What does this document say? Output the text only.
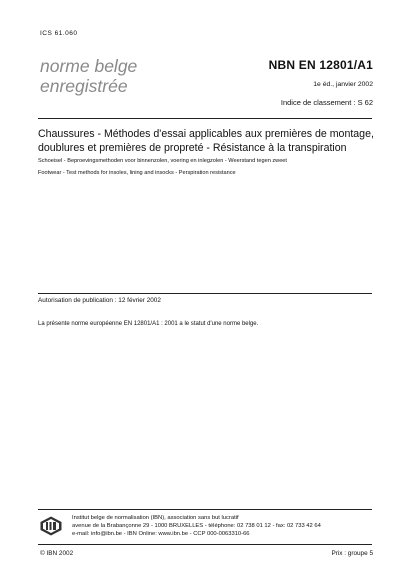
ICS 61.060
norme belge
enregistrée
NBN EN 12801/A1
1e éd., janvier 2002
Indice de classement : S 62
Chaussures - Méthodes d'essai applicables aux premières de montage,
doublures et premières de propreté - Résistance à la transpiration
Schoeisel - Beproevingsmethoden voor binnenzolen, voering en inlegzolen - Weerstand tegen zweet
Footwear - Test methods for insoles, lining and insocks - Perspiration resistance
Autorisation de publication : 12 février 2002
La présente norme européenne EN 12801/A1 : 2001 a le statut d'une norme belge.
Institut belge de normalisation (IBN), association sans but lucratif
avenue de la Brabançonne 29 - 1000 BRUXELLES - téléphone: 02 738 01 12 - fax: 02 733 42 64
e-mail: info@ibn.be - IBN Online: www.ibn.be - CCP 000-0063310-66
© IBN 2002	Prix : groupe 5
